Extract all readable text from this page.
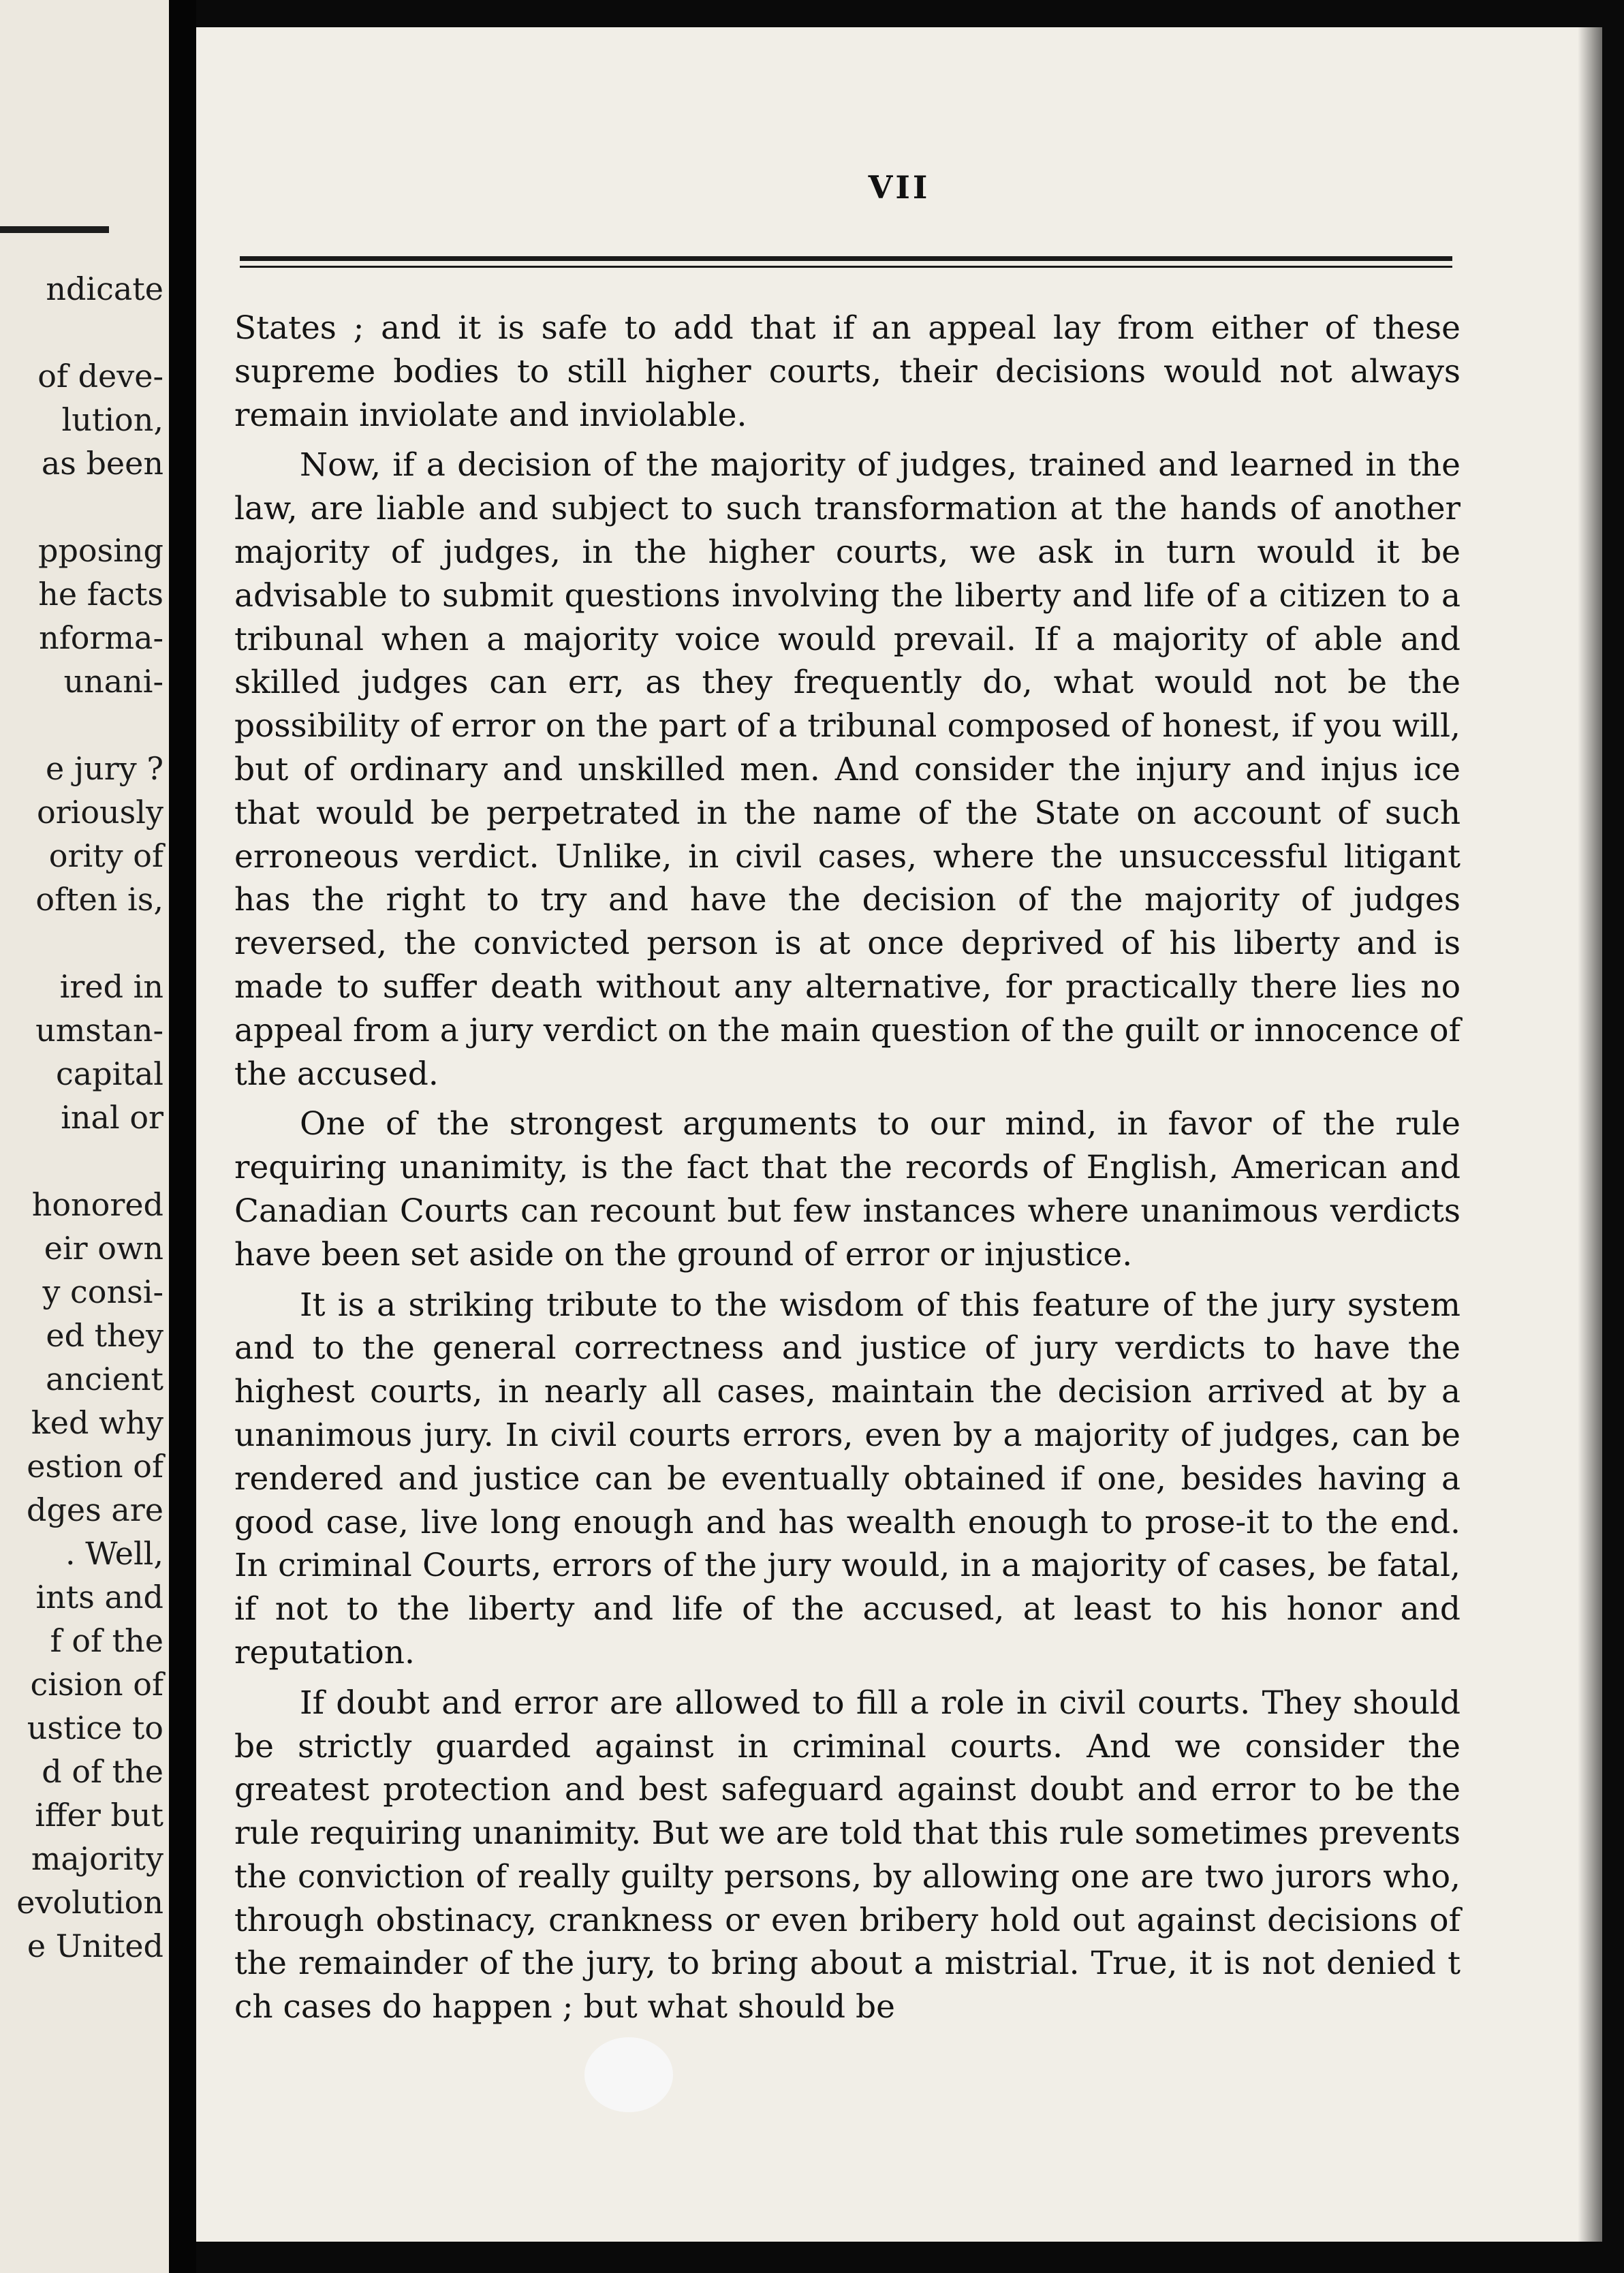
ndicate
of deve-
lution,
as been
pposing
he facts
nforma-
unani-
e jury ?
oriously
ority of
often is,
ired in
umstan-
capital
inal or
honored
eir own
y consi-
ed they
ancient
ked why
estion of
dges are
. Well,
ints and
f of the
cision of
ustice to
d of the
iffer but
majority
evolution
e United
VII

States ; and it is safe to add that if an appeal lay from either of these supreme bodies to still higher courts, their decisions would not always remain inviolate and inviolable.

Now, if a decision of the majority of judges, trained and learned in the law, are liable and subject to such transformation at the hands of another majority of judges, in the higher courts, we ask in turn would it be advisable to submit questions involving the liberty and life of a citizen to a tribunal when a majority voice would prevail. If a majority of able and skilled judges can err, as they frequently do, what would not be the possibility of error on the part of a tribunal composed of honest, if you will, but of ordinary and unskilled men. And consider the injury and injus ice that would be perpetrated in the name of the State on account of such erroneous verdict. Unlike, in civil cases, where the unsuccessful litigant has the right to try and have the decision of the majority of judges reversed, the convicted person is at once deprived of his liberty and is made to suffer death without any alternative, for practically there lies no appeal from a jury verdict on the main question of the guilt or innocence of the accused.

One of the strongest arguments to our mind, in favor of the rule requiring unanimity, is the fact that the records of English, American and Canadian Courts can recount but few instances where unanimous verdicts have been set aside on the ground of error or injustice.

It is a striking tribute to the wisdom of this feature of the jury system and to the general correctness and justice of jury verdicts to have the highest courts, in nearly all cases, maintain the decision arrived at by a unanimous jury. In civil courts errors, even by a majority of judges, can be rendered and justice can be eventually obtained if one, besides having a good case, live long enough and has wealth enough to prose-it to the end. In criminal Courts, errors of the jury would, in a majority of cases, be fatal, if not to the liberty and life of the accused, at least to his honor and reputation.

If doubt and error are allowed to fill a role in civil courts. They should be strictly guarded against in criminal courts. And we consider the greatest protection and best safeguard against doubt and error to be the rule requiring unanimity. But we are told that this rule sometimes prevents the conviction of really guilty persons, by allowing one are two jurors who, through obstinacy, crankness or even bribery hold out against decisions of the remainder of the jury, to bring about a mistrial. True, it is not denied t ch cases do happen ; but what should be
